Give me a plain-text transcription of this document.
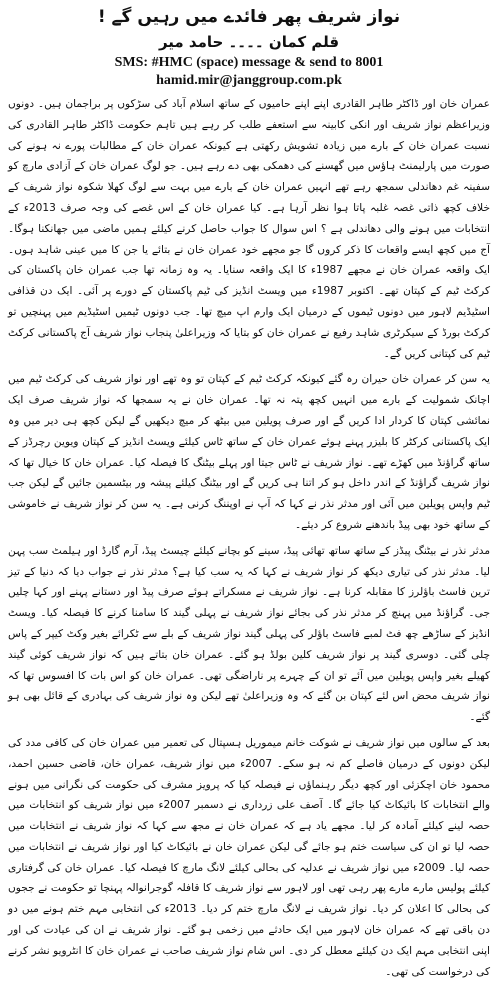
نواز شریف پھر فائدے میں رہیں گے !
قلم کمان ۔۔۔۔ حامد میر
SMS: #HMC (space) message & send to 8001
hamid.mir@janggroup.com.pk

عمران خان اور ڈاکٹر طاہر القادری اپنے اپنے حامیوں کے ساتھ اسلام آباد کی سڑکوں پر براجمان ہیں۔ دونوں وزیراعظم نواز شریف اور انکی کابینہ سے استعفے طلب کر رہے ہیں تاہم حکومت ڈاکٹر طاہر القادری کی نسبت عمران خان کے بارے میں زیادہ تشویش رکھتی ہے کیونکہ عمران خان کے مطالبات پورے نہ ہونے کی صورت میں پارلیمنٹ ہاؤس میں گھسنے کی دھمکی بھی دے رہے ہیں۔ جو لوگ عمران خان کے آزادی مارچ کو سفینہ غم دھاندلی سمجھ رہے تھے انہیں عمران خان کے بارے میں بہت سے لوگ کھلا شکوہ نواز شریف کے خلاف کچھ ذاتی غصہ غلبہ پاتا ہوا نظر آرہا ہے۔ کیا عمران خان کے اس غصے کی وجہ صرف 2013ء کے انتخابات میں ہونے والی دھاندلی ہے ؟ اس سوال کا جواب حاصل کرنے کیلئے ہمیں ماضی میں جھانکنا ہوگا۔ آج میں کچھ ایسے واقعات کا ذکر کروں گا جو مجھے خود عمران خان نے بتائے یا جن کا میں عینی شاہد ہوں۔ ایک واقعہ عمران خان نے مجھے 1987ء کا ایک واقعہ سنایا۔ یہ وہ زمانہ تھا جب عمران خان پاکستان کی کرکٹ ٹیم کے کپتان تھے۔ اکتوبر 1987ء میں ویسٹ انڈیز کی ٹیم پاکستان کے دورے پر آئی۔ ایک دن قذافی اسٹیڈیم لاہور میں دونوں ٹیموں کے درمیان ایک وارم اپ میچ تھا۔ جب دونوں ٹیمیں اسٹیڈیم میں پہنچیں تو کرکٹ بورڈ کے سیکرٹری شاہد رفیع نے عمران خان کو بتایا کہ وزیراعلیٰ پنجاب نواز شریف آج پاکستانی کرکٹ ٹیم کی کپتانی کریں گے۔

یہ سن کر عمران خان حیران رہ گئے کیونکہ کرکٹ ٹیم کے کپتان تو وہ تھے اور نواز شریف کی کرکٹ ٹیم میں اچانک شمولیت کے بارے میں انہیں کچھ پتہ نہ تھا۔ عمران خان نے یہ سمجھا کہ نواز شریف صرف ایک نمائشی کپتان کا کردار ادا کریں گے اور صرف پویلین میں بیٹھ کر میچ دیکھیں گے لیکن کچھ ہی دیر میں وہ ایک پاکستانی کرکٹر کا بلیزر پہنے ہوئے عمران خان کے ساتھ ٹاس کیلئے ویسٹ انڈیز کے کپتان ویوین رچرڈز کے ساتھ گراؤنڈ میں کھڑے تھے۔ نواز شریف نے ٹاس جیتا اور پہلے بیٹنگ کا فیصلہ کیا۔ عمران خان کا خیال تھا کہ نواز شریف گراؤنڈ کے اندر داخل ہو کر اتنا ہی کریں گے اور بیٹنگ کیلئے پیشہ ور بیٹسمین جائیں گے لیکن جب ٹیم واپس پویلین میں آئی اور مدثر نذر نے کہا کہ آپ نے اوپننگ کرنی ہے۔ یہ سن کر نواز شریف نے خاموشی کے ساتھ خود بھی پیڈ باندھنے شروع کر دیئے۔

مدثر نذر نے بیٹنگ پیڈز کے ساتھ ساتھ تھائی پیڈ، سینے کو بچانے کیلئے چیسٹ پیڈ، آرم گارڈ اور ہیلمٹ سب پہن لیا۔ مدثر نذر کی تیاری دیکھ کر نواز شریف نے کہا کہ یہ سب کیا ہے؟ مدثر نذر نے جواب دیا کہ دنیا کے تیز ترین فاسٹ باؤلرز کا مقابلہ کرنا ہے۔ نواز شریف نے مسکراتے ہوئے صرف پیڈ اور دستانے پہنے اور کہا چلیں جی۔ گراؤنڈ میں پہنچ کر مدثر نذر کی بجائے نواز شریف نے پہلی گیند کا سامنا کرنے کا فیصلہ کیا۔ ویسٹ انڈیز کے ساڑھے چھ فٹ لمبے فاسٹ باؤلر کی پہلی گیند نواز شریف کے بلے سے ٹکرائے بغیر وکٹ کیپر کے پاس چلی گئی۔ دوسری گیند پر نواز شریف کلین بولڈ ہو گئے۔ عمران خان بتاتے ہیں کہ نواز شریف کوئی گیند کھیلے بغیر واپس پویلین میں آئے تو ان کے چہرے پر ناراضگی تھی۔ عمران خان کو اس بات کا افسوس تھا کہ نواز شریف محض اس لئے کپتان بن گئے کہ وہ وزیراعلیٰ تھے لیکن وہ نواز شریف کی بہادری کے قائل بھی ہو گئے۔

بعد کے سالوں میں نواز شریف نے شوکت خانم میموریل ہسپتال کی تعمیر میں عمران خان کی کافی مدد کی لیکن دونوں کے درمیان فاصلے کم نہ ہو سکے۔ 2007ء میں نواز شریف، عمران خان، قاضی حسین احمد، محمود خان اچکزئی اور کچھ دیگر رہنماؤں نے فیصلہ کیا کہ پرویز مشرف کی حکومت کی نگرانی میں ہونے والے انتخابات کا بائیکاٹ کیا جائے گا۔ آصف علی زرداری نے دسمبر 2007ء میں نواز شریف کو انتخابات میں حصہ لینے کیلئے آمادہ کر لیا۔ مجھے یاد ہے کہ عمران خان نے مجھ سے کہا کہ نواز شریف نے انتخابات میں حصہ لیا تو ان کی سیاست ختم ہو جائے گی لیکن عمران خان نے بائیکاٹ کیا اور نواز شریف نے انتخابات میں حصہ لیا۔ 2009ء میں نواز شریف نے عدلیہ کی بحالی کیلئے لانگ مارچ کا فیصلہ کیا۔ عمران خان کی گرفتاری کیلئے پولیس مارے مارے پھر رہی تھی اور لاہور سے نواز شریف کا قافلہ گوجرانوالہ پہنچا تو حکومت نے ججوں کی بحالی کا اعلان کر دیا۔ نواز شریف نے لانگ مارچ ختم کر دیا۔ 2013ء کی انتخابی مہم ختم ہونے میں دو دن باقی تھے کہ عمران خان لاہور میں ایک حادثے میں زخمی ہو گئے۔ نواز شریف نے ان کی عیادت کی اور اپنی انتخابی مہم ایک دن کیلئے معطل کر دی۔ اس شام نواز شریف صاحب نے عمران خان کا انٹرویو نشر کرنے کی درخواست کی تھی۔
